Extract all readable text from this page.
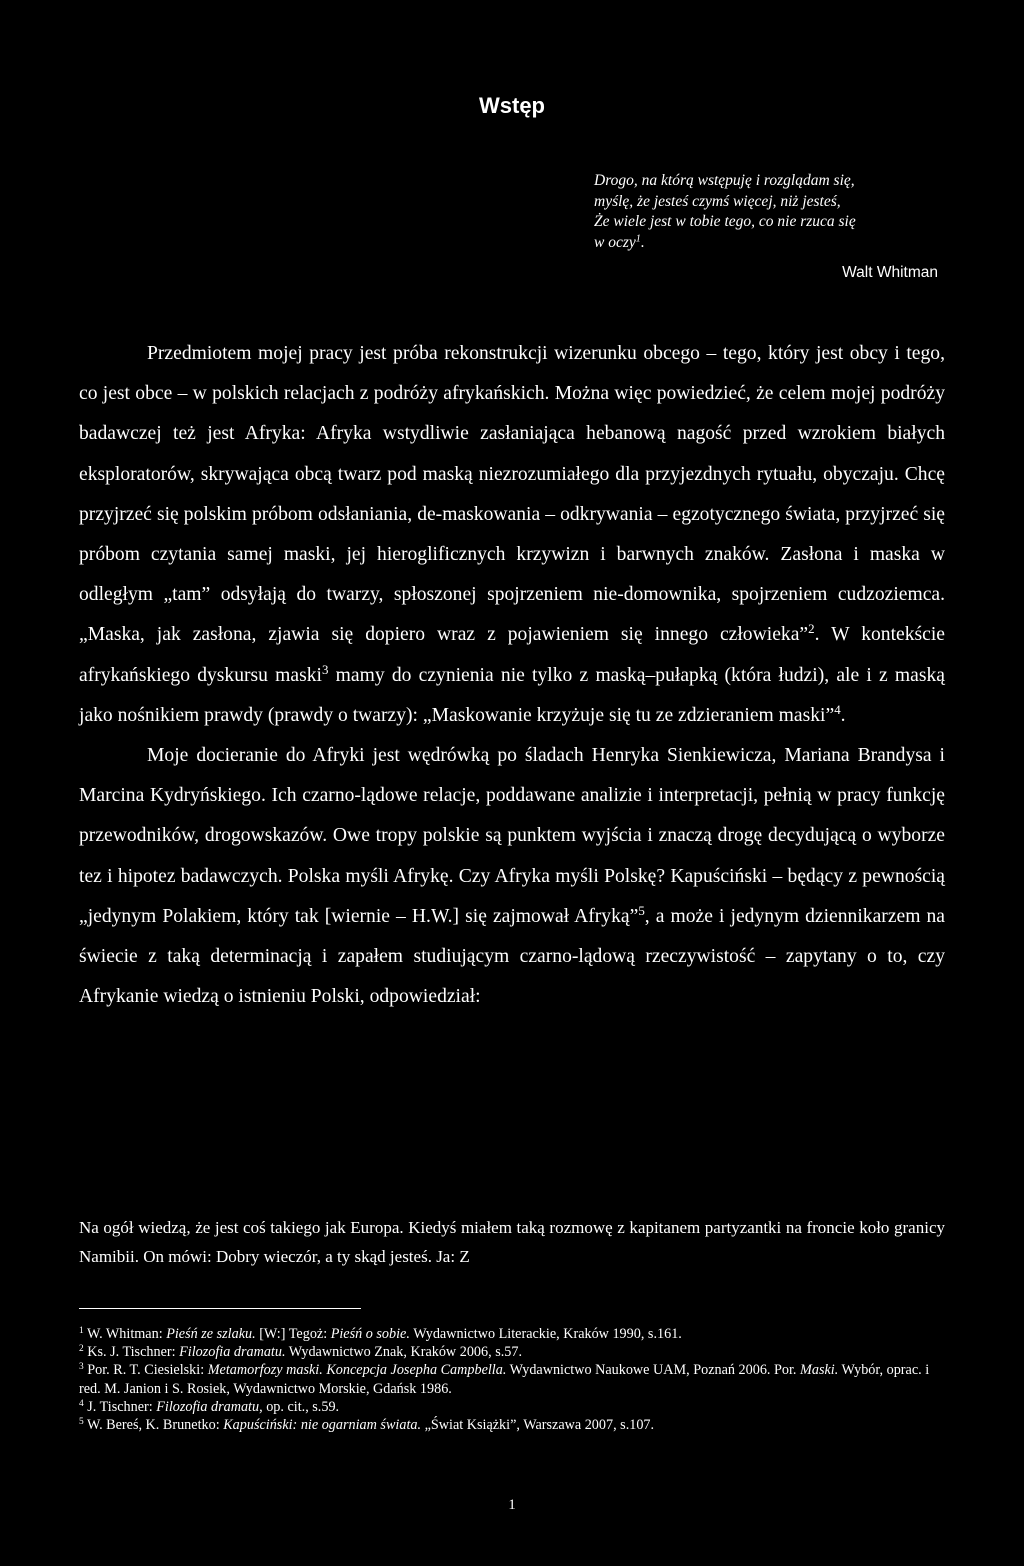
Wstęp
Drogo, na którą wstępuję i rozglądam się,
myślę, że jesteś czymś więcej, niż jesteś,
Że wiele jest w tobie tego, co nie rzuca się
w oczy$^1$.
Walt Whitman

Przedmiotem mojej pracy jest próba rekonstrukcji wizerunku obcego – tego, który jest obcy i tego, co jest obce – w polskich relacjach z podróży afrykańskich. Można więc powiedzieć, że celem mojej podróży badawczej też jest Afryka: Afryka wstydliwie zasłaniająca hebanową nagość przed wzrokiem białych eksploratorów, skrywająca obcą twarz pod maską niezrozumiałego dla przyjezdnych rytuału, obyczaju. Chcę przyjrzeć się polskim próbom odsłaniania, de-maskowania – odkrywania – egzotycznego świata, przyjrzeć się próbom czytania samej maski, jej hieroglificznych krzywizn i barwnych znaków. Zasłona i maska w odległym „tam” odsyłają do twarzy, spłoszonej spojrzeniem nie-domownika, spojrzeniem cudzoziemca. „Maska, jak zasłona, zjawia się dopiero wraz z pojawieniem się innego człowieka”$^2$. W kontekście afrykańskiego dyskursu maski$^3$ mamy do czynienia nie tylko z maską–pułapką (która łudzi), ale i z maską jako nośnikiem prawdy (prawdy o twarzy): „Maskowanie krzyżuje się tu ze zdzieraniem maski”$^4$.

Moje docieranie do Afryki jest wędrówką po śladach Henryka Sienkiewicza, Mariana Brandysa i Marcina Kydryńskiego. Ich czarno-lądowe relacje, poddawane analizie i interpretacji, pełnią w pracy funkcję przewodników, drogowskazów. Owe tropy polskie są punktem wyjścia i znaczą drogę decydującą o wyborze tez i hipotez badawczych. Polska myśli Afrykę. Czy Afryka myśli Polskę? Kapuściński – będący z pewnością „jedynym Polakiem, który tak [wiernie – H.W.] się zajmował Afryką”$^5$, a może i jedynym dziennikarzem na świecie z taką determinacją i zapałem studiującym czarno-lądową rzeczywistość – zapytany o to, czy Afrykanie wiedzą o istnieniu Polski, odpowiedział:

Na ogół wiedzą, że jest coś takiego jak Europa. Kiedyś miałem taką rozmowę z kapitanem partyzantki na froncie koło granicy Namibii. On mówi: Dobry wieczór, a ty skąd jesteś. Ja: Z
$^1$ W. Whitman: Pieśń ze szlaku. [W:] Tegoż: Pieśń o sobie. Wydawnictwo Literackie, Kraków 1990, s.161.
$^2$ Ks. J. Tischner: Filozofia dramatu. Wydawnictwo Znak, Kraków 2006, s.57.
$^3$ Por. R. T. Ciesielski: Metamorfozy maski. Koncepcja Josepha Campbella. Wydawnictwo Naukowe UAM, Poznań 2006. Por. Maski. Wybór, oprac. i red. M. Janion i S. Rosiek, Wydawnictwo Morskie, Gdańsk 1986.
$^4$ J. Tischner: Filozofia dramatu, op. cit., s.59.
$^5$ W. Bereś, K. Brunetko: Kapuściński: nie ogarniam świata. „Świat Książki”, Warszawa 2007, s.107.
1
